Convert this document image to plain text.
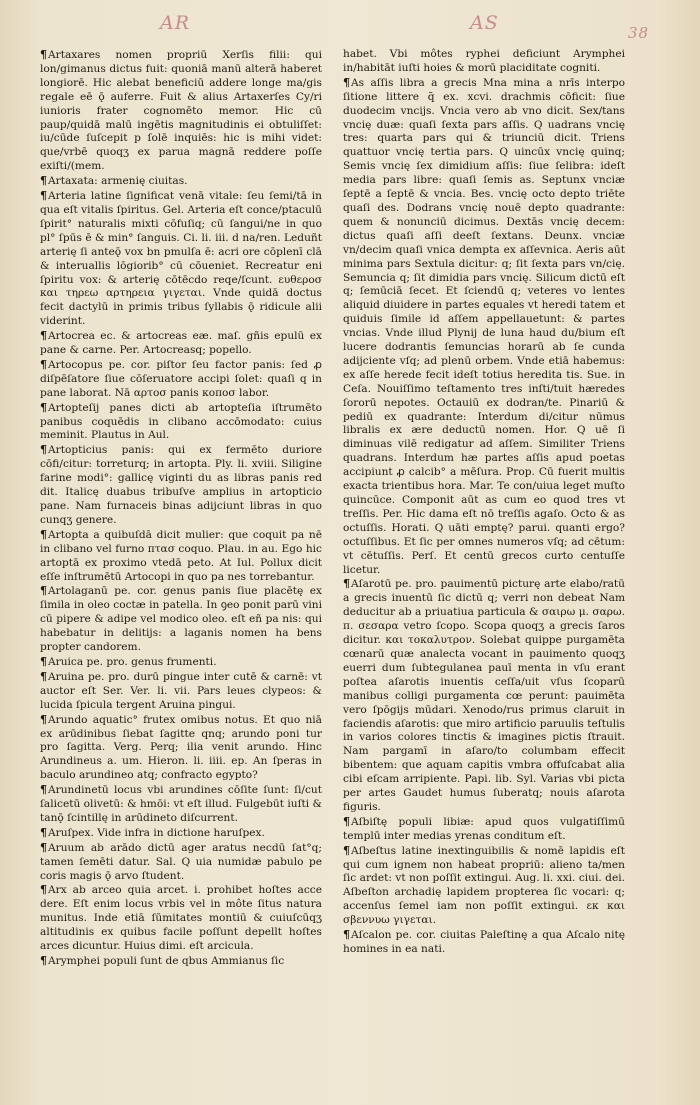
AR	AS	38

¶Artaxares nomen propriū Xerſis filii: qui lon/gimanus dictus fuit: quoniā manū alterā haberet longiorē. Hic alebat beneficiū addere longe ma/gis regale eē ǭ auferre. Fuit & alius Artaxerſes Cy/ri iunioris frater cognomēto memor. Hic cū paup/quidā malū ingētis magnitudinis ei obtuliſſet: iu/cūde ſuſcepit p ſolē inquiēs: hic is mihi videt: que/vrbē quoqʒ ex parua magnā reddere poſſe exiſti/(mem.

¶Artaxata: armenię ciuitas.

¶Arteria latine ſignificat venā vitale: ſeu ſemi/tā in qua eſt vitalis ſpiritus. Gel. Arteria eſt conce/ptaculū ſpirit° naturalis mixti cōfuſiq; cū ſangui/ne in quo pl° ſpūs ē & min° ſanguis. Ci. li. iii. d na/ren. Leduñt arterię ſi anteǭ vox bn pmulſa ē: acri ore cōplenī clā & interuallis lōgiorib° cū cōueniet. Recreatur eni ſpiritu vox: & arterię cōtēcdo reqe/ſcunt. ευθεροσ και τηρεω αρτηρεια γιγεται. Vnde quidā doctus fecit dactylū in primis tribus ſyllabis ǭ ridicule alii viderint.

¶Artocrea ec. & artocreas eæ. maſ. gñis epulū ex pane & carne. Per. Artocreasq; popello.

¶Artocopus pe. cor. piſtor ſeu factor panis: ſed ꝓ diſpēſatore ſiue cōſeruatore accipi ſolet: quaſi q in pane laborat. Nā αρτοσ panis κοποσ labor.

¶Artopteſij panes dicti ab artopteſia iſtrumēto panibus coquēdis in clibano accōmodato: cuius meminit. Plautus in Aul.

¶Artopticius panis: qui ex fermēto duriore cōfi/citur: torreturq; in artopta. Ply. li. xviii. Siligine farine modi°: gallicę viginti du as libras panis red dit. Italicę duabus tribuſve amplius in artopticio pane. Nam furnaceis binas adijciunt libras in quo cunqʒ genere.

¶Artopta a quibuſdā dicit mulier: que coquit pa nē in clibano vel furno πτασ coquo. Plau. in au. Ego hic artoptā ex proximo vtedā peto. At Iul. Pollux dicit eſſe inſtrumētū Artocopi in quo pa nes torrebantur.

¶Artolaganū pe. cor. genus panis ſiue placētę ex ſimila in oleo coctæ in patella. In ꝯeo ponit parū vini cū pipere & adipe vel modico oleo. eſt eñ pa nis: qui habebatur in delitijs: a laganis nomen ha bens propter candorem.

¶Aruica pe. pro. genus frumenti.

¶Aruina pe. pro. durū pingue inter cutē & carnē: vt auctor eſt Ser. Ver. li. vii. Pars leues clypeos: & lucida ſpicula tergent Aruina pingui.

¶Arundo aquatic° frutex omibus notus. Et quo niā ex arūdinibus ſiebat ſagitte qnq; arundo poni tur pro ſagitta. Verg. Perq; ilia venit arundo. Hinc Arundineus a. um. Hieron. li. iiii. ep. An ſperas in baculo arundineo atq; confracto egypto?

¶Arundinetū locus vbi arundines cōſite ſunt: ſi/cut ſalicetū olivetū: & hmōi: vt eſt illud. Fulgebūt iuſti & tanǭ ſcintillę in arūdineto diſcurrent.

¶Aruſpex. Vide infra in dictione haruſpex.

¶Aruum ab arādo dictū ager aratus necdū ſat°q; tamen ſemēti datur. Sal. Q uia numidæ pabulo pe coris magis ǭ arvo ſtudent.

¶Arx ab arceo quia arcet. i. prohibet hoſtes acce dere. Eſt enim locus vrbis vel in môte ſitus natura munitus. Inde etiā ſūmitates montiū & cuiuſcūqʒ altitudinis ex quibus facile poſſunt depellt hoſtes arces dicuntur. Huius dimi. eſt arcicula.

¶Arymphei populi ſunt de qbus Ammianus ſic

habet. Vbi môtes ryphei deficiunt Arymphei in/habitāt iuſti hoies & morū placiditate cogniti.

¶As aſſis libra a grecis Mna mina a nrīs interpo ſitione littere q̄ ex. xcvi. drachmis cōficit: ſiue duodecim vncijs. Vncia vero ab vno dicit. Sex/tans vncię duæ: quaſi ſexta pars aſſis. Q uadrans vncię tres: quarta pars qui & triunciū dicit. Triens quattuor vncię tertia pars. Q uincūx vncię quinq; Semis vncię ſex dimidium aſſis: ſiue ſelibra: ideſt media pars libre: quaſi ſemis as. Septunx vnciæ ſeptē a ſeptē & vncia. Bes. vncię octo depto triēte quaſi des. Dodrans vncię nouē depto quadrante: quem & nonunciū dicimus. Dextās vncię decem: dictus quaſi aſſi deeſt ſextans. Deunx. vnciæ vn/decim quaſi vnica dempta ex aſſevnica. Aeris aūt minima pars Sextula dicitur: q; ſit ſexta pars vn/cię. Semuncia q; ſit dimidia pars vncię. Silicum dictū eſt q; ſemūciā ſecet. Et ſciendū q; veteres vo lentes aliquid diuidere in partes equales vt heredi tatem et quiduis ſimile id aſſem appellauetunt: & partes vncias. Vnde illud Plynij de luna haud du/bium eſt lucere dodrantis ſemuncias horarū ab ſe cunda adijciente vſq; ad plenū orbem. Vnde etiā habemus: ex aſſe herede fecit ideſt totius heredita tis. Sue. in Ceſa. Nouiſſimo teſtamento tres inſti/tuit hæredes ſororū nepotes. Octauiū ex dodran/te. Pinariū & pediū ex quadrante: Interdum di/citur nūmus libralis ex ære deductū nomen. Hor. Q uē ſi diminuas vilē redigatur ad aſſem. Similiter Triens quadrans. Interdum hæ partes aſſis apud poetas accipiunt ꝓ calcib° a mēſura. Prop. Cū fuerit multis exacta trientibus hora. Mar. Te con/uiua leget muſto quincūce. Componit aūt as cum eo quod tres vt treſſis. Per. Hic dama eſt nō treſſis agaſo. Octo & as octuſſis. Horati. Q uāti emptę? parui. quanti ergo? octuſſibus. Et ſic per omnes numeros vſq; ad cētum: vt cētuſſis. Perſ. Et centū grecos curto centuſſe licetur.

¶Aſarotū pe. pro. pauimentū picturę arte elabo/ratū a grecis inuentū ſic dictū q; verri non debeat Nam deducitur ab a priuatiua particula & σαιρω μ. σαρω. π. σεσαρα vetro ſcopo. Scopa quoqʒ a grecis ſaros dicitur. και τοκαλυτρον. Solebat quippe purgamēta cœnarū quæ analecta vocant in pauimento quoqʒ euerri dum ſubtegulanea pauī menta in vſu erant poſtea aſarotis inuentis ceſſa/uit vſus ſcoparū manibus colligi purgamenta cœ perunt: pauimēta vero ſpōgijs mūdari. Xenodo/rus primus claruit in faciendis aſarotis: que miro artificio paruulis teſtulis in varios colores tinctis & imagines pictis ſtrauit. Nam pargamī in aſaro/to columbam effecit bibentem: que aquam capitis vmbra offuſcabat alia cibi eſcam arripiente. Papi. lib. Syl. Varias vbi picta per artes Gaudet humus ſuberatq; nouis aſarota figuris.

¶Aſbiſtę populi libiæ: apud quos vulgatiſſimū templū inter medias yrenas conditum eſt.

¶Aſbeſtus latine inextinguibilis & nomē lapidis eſt qui cum ignem non habeat propriū: alieno ta/men ſic ardet: vt non poſſit extingui. Aug. li. xxi. ciui. dei. Aſbeſton archadię lapidem propterea ſic vocari: q; accenſus ſemel iam non poſſit extingui. εκ και σβεννυω γιγεται.

¶Aſcalon pe. cor. ciuitas Paleſtinę a qua Aſcalo nitę homines in ea nati.
